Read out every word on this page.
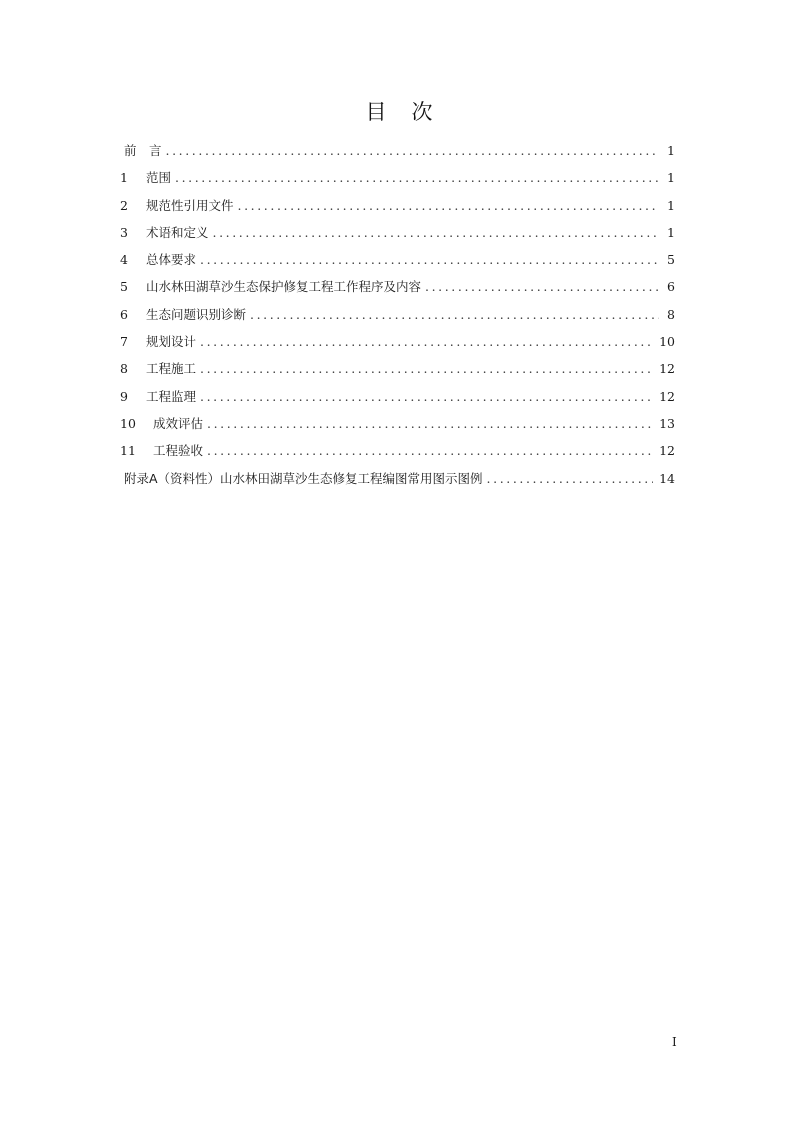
目　次
前　言 .....	1
1 范围 .....	1
2 规范性引用文件 .....	1
3 术语和定义 .....	1
4 总体要求 .....	5
5 山水林田湖草沙生态保护修复工程工作程序及内容 .....	6
6 生态问题识别诊断 .....	8
7 规划设计 .....	10
8 工程施工 .....	12
9 工程监理 .....	12
10 成效评估 .....	13
11 工程验收 .....	12
附录A（资料性）山水林田湖草沙生态修复工程编图常用图示图例 .....	14
I
